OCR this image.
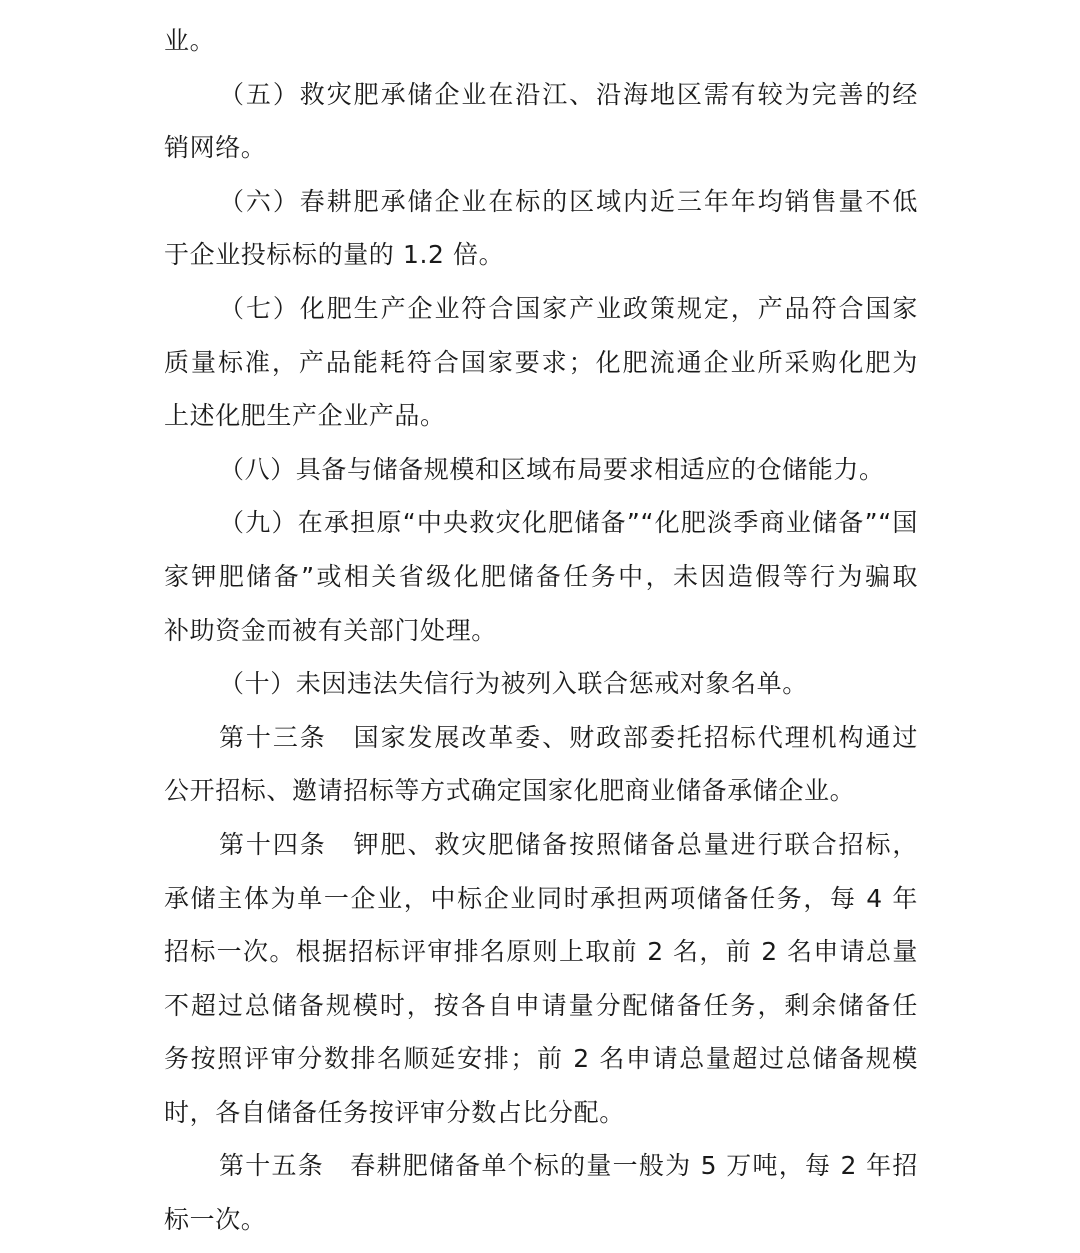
业。
（五）救灾肥承储企业在沿江、沿海地区需有较为完善的经
销网络。
（六）春耕肥承储企业在标的区域内近三年年均销售量不低
于企业投标标的量的 1.2 倍。
（七）化肥生产企业符合国家产业政策规定，产品符合国家
质量标准，产品能耗符合国家要求；化肥流通企业所采购化肥为
上述化肥生产企业产品。
（八）具备与储备规模和区域布局要求相适应的仓储能力。
（九）在承担原“中央救灾化肥储备”“化肥淡季商业储备”“国
家钾肥储备”或相关省级化肥储备任务中，未因造假等行为骗取
补助资金而被有关部门处理。
（十）未因违法失信行为被列入联合惩戒对象名单。
第十三条　国家发展改革委、财政部委托招标代理机构通过
公开招标、邀请招标等方式确定国家化肥商业储备承储企业。
第十四条　钾肥、救灾肥储备按照储备总量进行联合招标，
承储主体为单一企业，中标企业同时承担两项储备任务，每 4 年
招标一次。根据招标评审排名原则上取前 2 名，前 2 名申请总量
不超过总储备规模时，按各自申请量分配储备任务，剩余储备任
务按照评审分数排名顺延安排；前 2 名申请总量超过总储备规模
时，各自储备任务按评审分数占比分配。
第十五条　春耕肥储备单个标的量一般为 5 万吨，每 2 年招
标一次。
